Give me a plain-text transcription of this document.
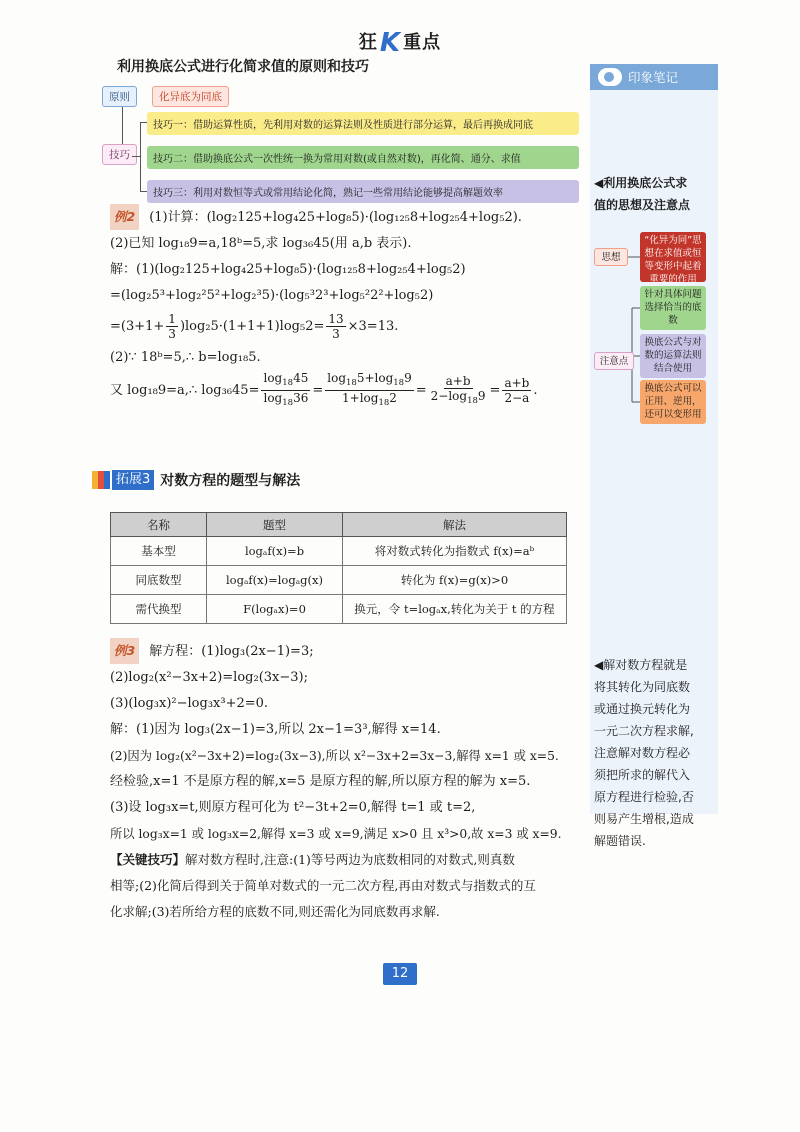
狂K 重点
利用换底公式进行化简求值的原则和技巧
原则	化异底为同底
技巧
技巧一：借助运算性质，先利用对数的运算法则及性质进行部分运算，最后再换成同底
技巧二：借助换底公式一次性统一换为常用对数(或自然对数)，再化简、通分、求值
技巧三：利用对数恒等式或常用结论化简，熟记一些常用结论能够提高解题效率
例2 (1)计算：(log₂125+log₄25+log₈5)·(log₁₂₅8+log₂₅4+log₅2).
(2)已知 log₁₈9=a,18ᵇ=5,求 log₃₆45(用 a,b 表示).
解：(1)(log₂125+log₄25+log₈5)·(log₁₂₅8+log₂₅4+log₅2)
=(log₂5³+log₂²5²+log₂³5)·(log₅³2³+log₅²2²+log₅2)
$=(3+1+ \frac{1}{3} )\log_25\cdot(1+1+1)\log_52= \frac{13}{3} \times 3=13$.
(2)∵ 18ᵇ=5,∴ b=log₁₈5.
又 log₁₈9=a,∴ $\log_{36}45= \frac{\log_{18}45}{\log_{18}36} = \frac{\log_{18}5+\log_{18}9}{1+\log_{18}2} = \frac{a+b}{2-\log_{18}9} = \frac{a+b}{2-a}$ .
拓展3 对数方程的题型与解法
名称	题型	解法
基本型	logₐf(x)=b	将对数式转化为指数式 f(x)=aᵇ
同底数型	logₐf(x)=logₐg(x)	转化为 f(x)=g(x)>0
需代换型	F(logₐx)=0	换元，令 t=logₐx,转化为关于 t 的方程
例3 解方程：(1)log₃(2x−1)=3;
(2)log₂(x²−3x+2)=log₂(3x−3);
(3)(log₃x)²−log₃x³+2=0.
解：(1)因为 log₃(2x−1)=3,所以 2x−1=3³,解得 x=14.
(2)因为 log₂(x²−3x+2)=log₂(3x−3),所以 x²−3x+2=3x−3,解得 x=1 或 x=5.
经检验,x=1 不是原方程的解,x=5 是原方程的解,所以原方程的解为 x=5.
(3)设 log₃x=t,则原方程可化为 t²−3t+2=0,解得 t=1 或 t=2,
所以 log₃x=1 或 log₃x=2,解得 x=3 或 x=9,满足 x>0 且 x³>0,故 x=3 或 x=9.
【关键技巧】解对数方程时,注意:(1)等号两边为底数相同的对数式,则真数
相等;(2)化简后得到关于简单对数式的一元二次方程,再由对数式与指数式的互
化求解;(3)若所给方程的底数不同,则还需化为同底数再求解.
12
印象笔记
◀利用换底公式求
值的思想及注意点
◀解对数方程就是
将其转化为同底数
或通过换元转化为
一元二次方程求解,
注意解对数方程必
须把所求的解代入
原方程进行检验,否
则易产生增根,造成
解题错误.
思想
注意点
“化异为同”思想在求值或恒等变形中起着重要的作用
针对具体问题选择恰当的底数
换底公式与对数的运算法则结合使用
换底公式可以正用、逆用，还可以变形用
